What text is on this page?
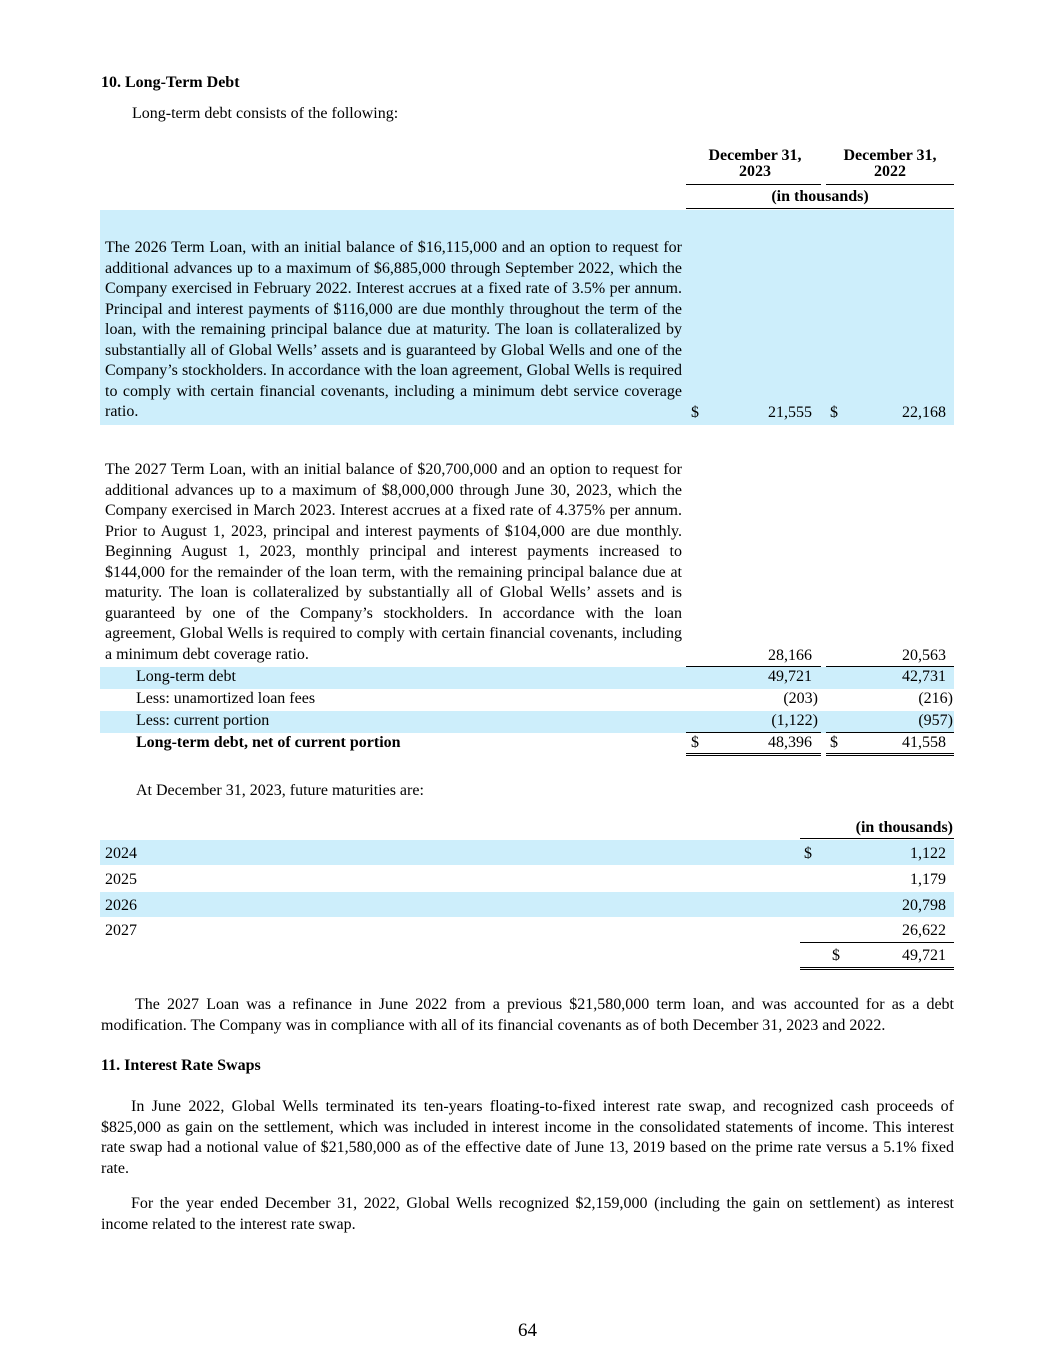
10. Long-Term Debt
Long-term debt consists of the following:
December 31,
2023
December 31,
2022
(in thousands)
The 2026 Term Loan, with an initial balance of $16,115,000 and an option to request for additional advances up to a maximum of $6,885,000 through September 2022, which the Company exercised in February 2022. Interest accrues at a fixed rate of 3.5% per annum. Principal and interest payments of $116,000 are due monthly throughout the term of the loan, with the remaining principal balance due at maturity. The loan is collateralized by substantially all of Global Wells’ assets and is guaranteed by Global Wells and one of the Company’s stockholders. In accordance with the loan agreement, Global Wells is required to comply with certain financial covenants, including a minimum debt service coverage ratio.	$	21,555 $	22,168
The 2027 Term Loan, with an initial balance of $20,700,000 and an option to request for additional advances up to a maximum of $8,000,000 through June 30, 2023, which the Company exercised in March 2023. Interest accrues at a fixed rate of 4.375% per annum. Prior to August 1, 2023, principal and interest payments of $104,000 are due monthly. Beginning August 1, 2023, monthly principal and interest payments increased to $144,000 for the remainder of the loan term, with the remaining principal balance due at maturity. The loan is collateralized by substantially all of Global Wells’ assets and is guaranteed by one of the Company’s stockholders. In accordance with the loan agreement, Global Wells is required to comply with certain financial covenants, including a minimum debt coverage ratio.	28,166	20,563
Long-term debt	49,721	42,731
Less: unamortized loan fees	(203)	(216)
Less: current portion	(1,122)	(957)
Long-term debt, net of current portion	$	48,396 $	41,558
At December 31, 2023, future maturities are:
(in thousands)
2024	$	1,122
2025	1,179
2026	20,798
2027	26,622
$	49,721
The 2027 Loan was a refinance in June 2022 from a previous $21,580,000 term loan, and was accounted for as a debt modification. The Company was in compliance with all of its financial covenants as of both December 31, 2023 and 2022.
11. Interest Rate Swaps
In June 2022, Global Wells terminated its ten-years floating-to-fixed interest rate swap, and recognized cash proceeds of $825,000 as gain on the settlement, which was included in interest income in the consolidated statements of income. This interest rate swap had a notional value of $21,580,000 as of the effective date of June 13, 2019 based on the prime rate versus a 5.1% fixed rate.
For the year ended December 31, 2022, Global Wells recognized $2,159,000 (including the gain on settlement) as interest income related to the interest rate swap.
64
